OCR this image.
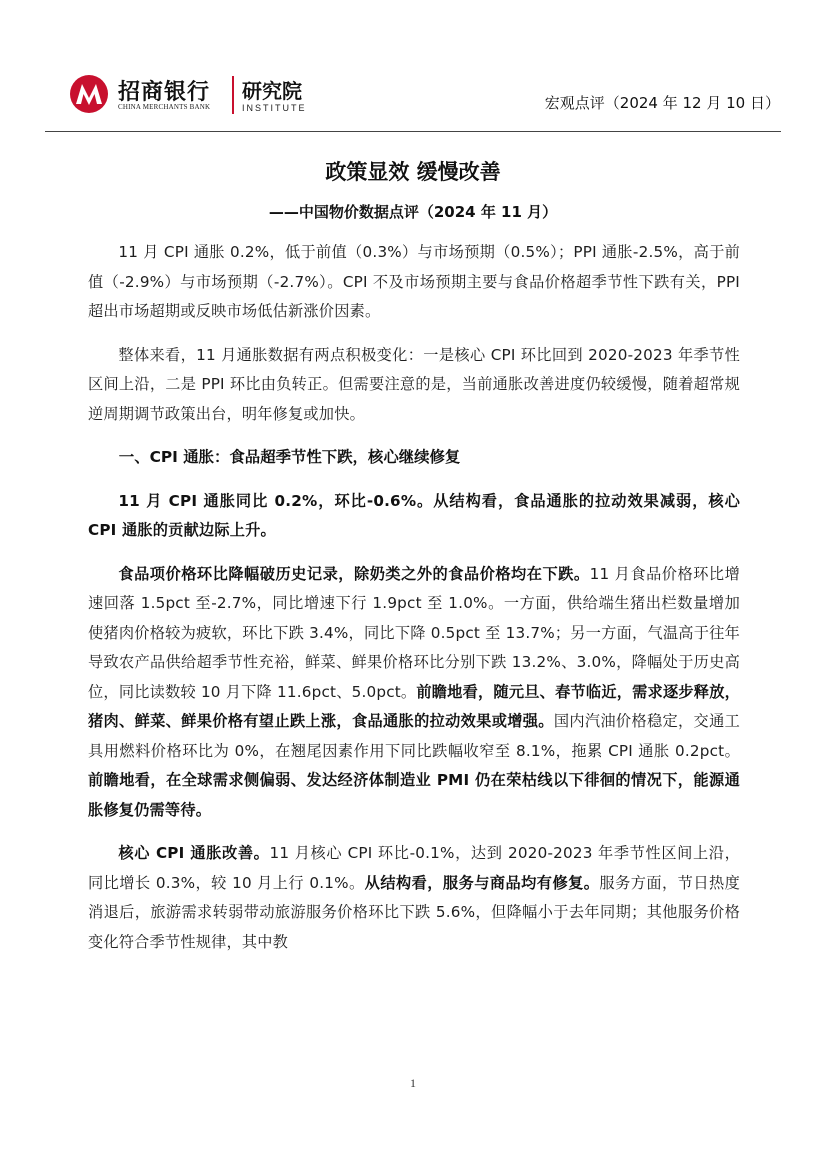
招商银行
CHINA MERCHANTS BANK
研究院
INSTITUTE	宏观点评（2024 年 12 月 10 日）
政策显效 缓慢改善
——中国物价数据点评（2024 年 11 月）

11 月 CPI 通胀 0.2%，低于前值（0.3%）与市场预期（0.5%）；PPI 通胀-2.5%，高于前值（-2.9%）与市场预期（-2.7%）。CPI 不及市场预期主要与食品价格超季节性下跌有关，PPI 超出市场超期或反映市场低估新涨价因素。

整体来看，11 月通胀数据有两点积极变化：一是核心 CPI 环比回到 2020-2023 年季节性区间上沿，二是 PPI 环比由负转正。但需要注意的是，当前通胀改善进度仍较缓慢，随着超常规逆周期调节政策出台，明年修复或加快。

一、CPI 通胀：食品超季节性下跌，核心继续修复

11 月 CPI 通胀同比 0.2%，环比-0.6%。从结构看，食品通胀的拉动效果减弱，核心 CPI 通胀的贡献边际上升。

食品项价格环比降幅破历史记录，除奶类之外的食品价格均在下跌。11 月食品价格环比增速回落 1.5pct 至-2.7%，同比增速下行 1.9pct 至 1.0%。一方面，供给端生猪出栏数量增加使猪肉价格较为疲软，环比下跌 3.4%，同比下降 0.5pct 至 13.7%；另一方面，气温高于往年导致农产品供给超季节性充裕，鲜菜、鲜果价格环比分别下跌 13.2%、3.0%，降幅处于历史高位，同比读数较 10 月下降 11.6pct、5.0pct。前瞻地看，随元旦、春节临近，需求逐步释放，猪肉、鲜菜、鲜果价格有望止跌上涨，食品通胀的拉动效果或增强。国内汽油价格稳定，交通工具用燃料价格环比为 0%，在翘尾因素作用下同比跌幅收窄至 8.1%，拖累 CPI 通胀 0.2pct。前瞻地看，在全球需求侧偏弱、发达经济体制造业 PMI 仍在荣枯线以下徘徊的情况下，能源通胀修复仍需等待。

核心 CPI 通胀改善。11 月核心 CPI 环比-0.1%，达到 2020-2023 年季节性区间上沿，同比增长 0.3%，较 10 月上行 0.1%。从结构看，服务与商品均有修复。服务方面，节日热度消退后，旅游需求转弱带动旅游服务价格环比下跌 5.6%，但降幅小于去年同期；其他服务价格变化符合季节性规律，其中教

1
